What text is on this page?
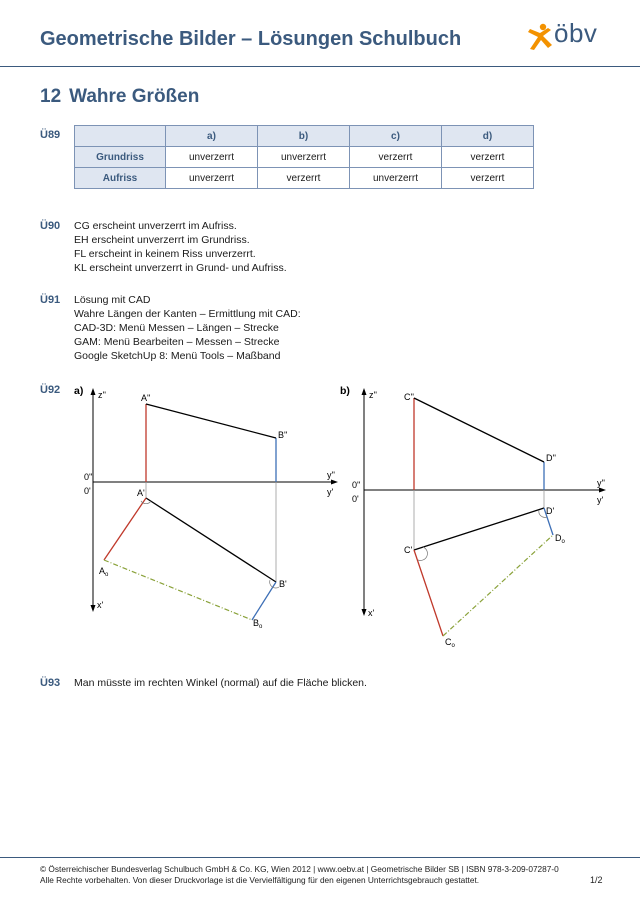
Geometrische Bilder – Lösungen Schulbuch	öbv
12 Wahre Größen
Ü89
		a)	b)	c)	d)
Grundriss	unverzerrt	unverzerrt	verzerrt	verzerrt
Aufriss	unverzerrt	verzerrt	unverzerrt	verzerrt
Ü90 CG erscheint unverzerrt im Aufriss.
EH erscheint unverzerrt im Grundriss.
FL erscheint in keinem Riss unverzerrt.
KL erscheint unverzerrt in Grund- und Aufriss.
Ü91 Lösung mit CAD
Wahre Längen der Kanten – Ermittlung mit CAD:
CAD-3D: Menü Messen – Längen – Strecke
GAM: Menü Bearbeiten – Messen – Strecke
Google SketchUp 8: Menü Tools – Maßband
Ü92 a) z''
x'
y''
y'
0''
0'
A''
B''
A'
B'
$A_o$
$B_o$
b) z''
x'
y''
y'
0''
0'
C''
D''
C'
D'
$C_o$
$D_o$
Ü93 Man müsste im rechten Winkel (normal) auf die Fläche blicken.
© Österreichischer Bundesverlag Schulbuch GmbH & Co. KG, Wien 2012 | www.oebv.at | Geometrische Bilder SB | ISBN 978-3-209-07287-0
Alle Rechte vorbehalten. Von dieser Druckvorlage ist die Vervielfältigung für den eigenen Unterrichtsgebrauch gestattet.	1/2
